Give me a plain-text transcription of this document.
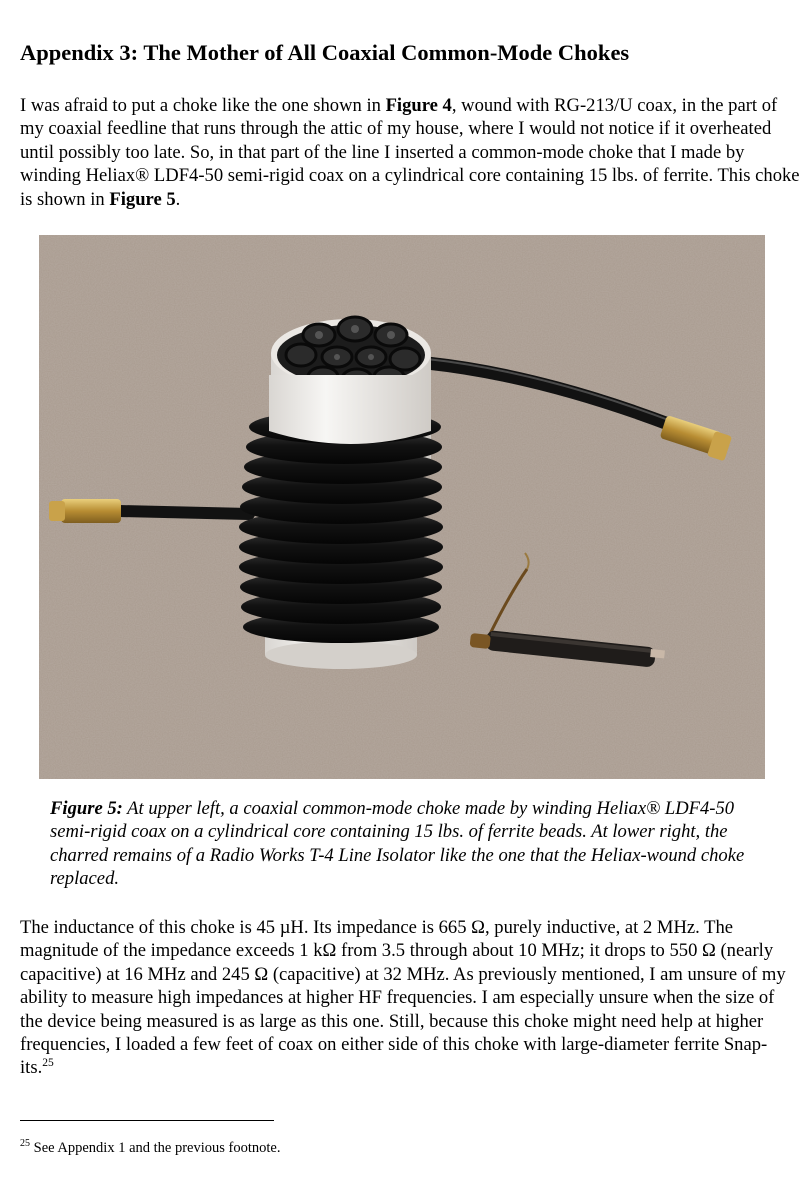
Appendix 3: The Mother of All Coaxial Common-Mode Chokes

I was afraid to put a choke like the one shown in Figure 4, wound with RG-213/U coax, in the part of my coaxial feedline that runs through the attic of my house, where I would not notice if it overheated until possibly too late. So, in that part of the line I inserted a common-mode choke that I made by winding Heliax® LDF4-50 semi-rigid coax on a cylindrical core containing 15 lbs. of ferrite. This choke is shown in Figure 5.

Figure 5: At upper left, a coaxial common-mode choke made by winding Heliax® LDF4-50 semi-rigid coax on a cylindrical core containing 15 lbs. of ferrite beads. At lower right, the charred remains of a Radio Works T-4 Line Isolator like the one that the Heliax-wound choke replaced.

The inductance of this choke is 45 µH. Its impedance is 665 Ω, purely inductive, at 2 MHz. The magnitude of the impedance exceeds 1 kΩ from 3.5 through about 10 MHz; it drops to 550 Ω (nearly capacitive) at 16 MHz and 245 Ω (capacitive) at 32 MHz. As previously mentioned, I am unsure of my ability to measure high impedances at higher HF frequencies. I am especially unsure when the size of the device being measured is as large as this one. Still, because this choke might need help at higher frequencies, I loaded a few feet of coax on either side of this choke with large-diameter ferrite Snap-its.$^{25}$

$^{25}$ See Appendix 1 and the previous footnote.
